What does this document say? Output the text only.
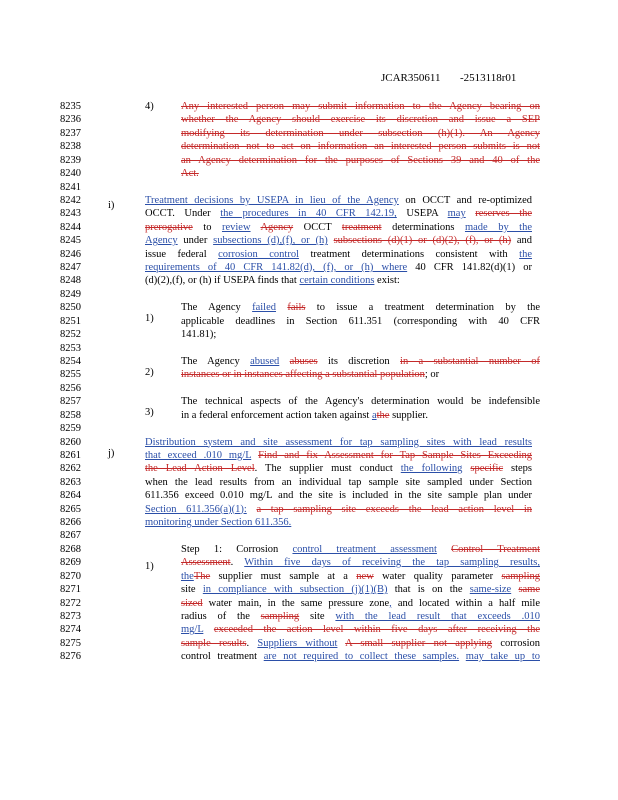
JCAR350611 -2513118r01
8235
8236
8237
8238
8239
8240
8241
8242
8243
8244
8245
8246
8247
8248
8249
8250
8251
8252
8253
8254
8255
8256
8257
8258
8259
8260
8261
8262
8263
8264
8265
8266
8267
8268
8269
8270
8271
8272
8273
8274
8275
8276
4)
i)
1)
2)
3)
j)
1)
Any interested person may submit information to the Agency bearing on
whether the Agency should exercise its discretion and issue a SEP
modifying its determination under subsection (h)(1). An Agency
determination not to act on information an interested person submits is not
an Agency determination for the purposes of Sections 39 and 40 of the
Act.
Treatment decisions by USEPA in lieu of the Agency on OCCT and re-optimized
OCCT. Under the procedures in 40 CFR 142.19, USEPA may reserves the
prerogative to review Agency OCCT treatment determinations made by the
Agency under subsections (d),(f), or (h) subsections (d)(1) or (d)(2), (f), or (h) and
issue federal corrosion control treatment determinations consistent with the
requirements of 40 CFR 141.82(d), (f), or (h) where 40 CFR 141.82(d)(1) or
(d)(2),(f), or (h) if USEPA finds that certain conditions exist:
The Agency failed fails to issue a treatment determination by the
applicable deadlines in Section 611.351 (corresponding with 40 CFR
141.81);
The Agency abused abuses its discretion in a substantial number of
instances or in instances affecting a substantial population; or
The technical aspects of the Agency's determination would be indefensible
in a federal enforcement action taken against athe supplier.
Distribution system and site assessment for tap sampling sites with lead results
that exceed .010 mg/L Find and fix Assessment for Tap Sample Sites Exceeding
the Lead Action Level. The supplier must conduct the following specific steps
when the lead results from an individual tap sample site sampled under Section
611.356 exceed 0.010 mg/L and the site is included in the site sample plan under
Section 611.356(a)(1): a tap sampling site exceeds the lead action level in
monitoring under Section 611.356.
Step 1: Corrosion control treatment assessment Control Treatment
Assessment. Within five days of receiving the tap sampling results,
theThe supplier must sample at a new water quality parameter sampling
site in compliance with subsection (j)(1)(B) that is on the same-size same
sized water main, in the same pressure zone, and located within a half mile
radius of the sampling site with the lead result that exceeds .010
mg/L exceeded the action level within five days after receiving the
sample results. Suppliers without A small supplier not applying corrosion
control treatment are not required to collect these samples. may take up to
